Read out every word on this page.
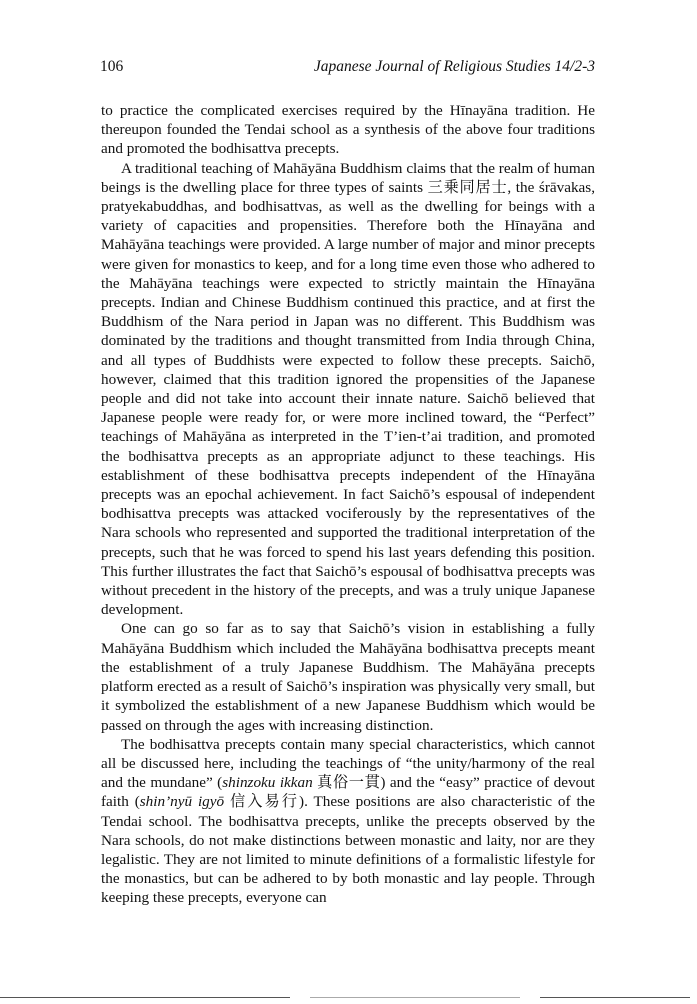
106	Japanese Journal of Religious Studies 14/2-3

to practice the complicated exercises required by the Hīnayāna tradition. He thereupon founded the Tendai school as a synthesis of the above four traditions and promoted the bodhisattva precepts.

A traditional teaching of Mahāyāna Buddhism claims that the realm of human beings is the dwelling place for three types of saints 三乗同居士, the śrāvakas, pratyekabuddhas, and bodhisattvas, as well as the dwelling for beings with a variety of capacities and propensities. Therefore both the Hīnayāna and Mahāyāna teachings were provided. A large number of major and minor precepts were given for monastics to keep, and for a long time even those who adhered to the Mahāyāna teachings were expected to strictly maintain the Hīnayāna precepts. Indian and Chinese Buddhism continued this practice, and at first the Buddhism of the Nara period in Japan was no different. This Buddhism was dominated by the traditions and thought transmitted from India through China, and all types of Buddhists were expected to follow these precepts. Saichō, however, claimed that this tradition ignored the propensities of the Japanese people and did not take into account their innate nature. Saichō believed that Japanese people were ready for, or were more inclined toward, the “Perfect” teachings of Mahāyāna as interpreted in the T’ien-t’ai tradition, and promoted the bodhisattva precepts as an appropriate adjunct to these teachings. His establishment of these bodhisattva precepts independent of the Hīnayāna precepts was an epochal achievement. In fact Saichō’s espousal of independent bodhisattva precepts was attacked vociferously by the representatives of the Nara schools who represented and supported the traditional interpretation of the precepts, such that he was forced to spend his last years defending this position. This further illustrates the fact that Saichō’s espousal of bodhisattva precepts was without precedent in the history of the precepts, and was a truly unique Japanese development.

One can go so far as to say that Saichō’s vision in establishing a fully Mahāyāna Buddhism which included the Mahāyāna bodhisattva precepts meant the establishment of a truly Japanese Buddhism. The Mahāyāna precepts platform erected as a result of Saichō’s inspiration was physically very small, but it symbolized the establishment of a new Japanese Buddhism which would be passed on through the ages with increasing distinction.

The bodhisattva precepts contain many special characteristics, which cannot all be discussed here, including the teachings of “the unity/harmony of the real and the mundane” (shinzoku ikkan 真俗一貫) and the “easy” practice of devout faith (shin’nyū igyō 信入易行). These positions are also characteristic of the Tendai school. The bodhisattva precepts, unlike the precepts observed by the Nara schools, do not make distinctions between monastic and laity, nor are they legalistic. They are not limited to minute definitions of a formalistic lifestyle for the monastics, but can be adhered to by both monastic and lay people. Through keeping these precepts, everyone can
